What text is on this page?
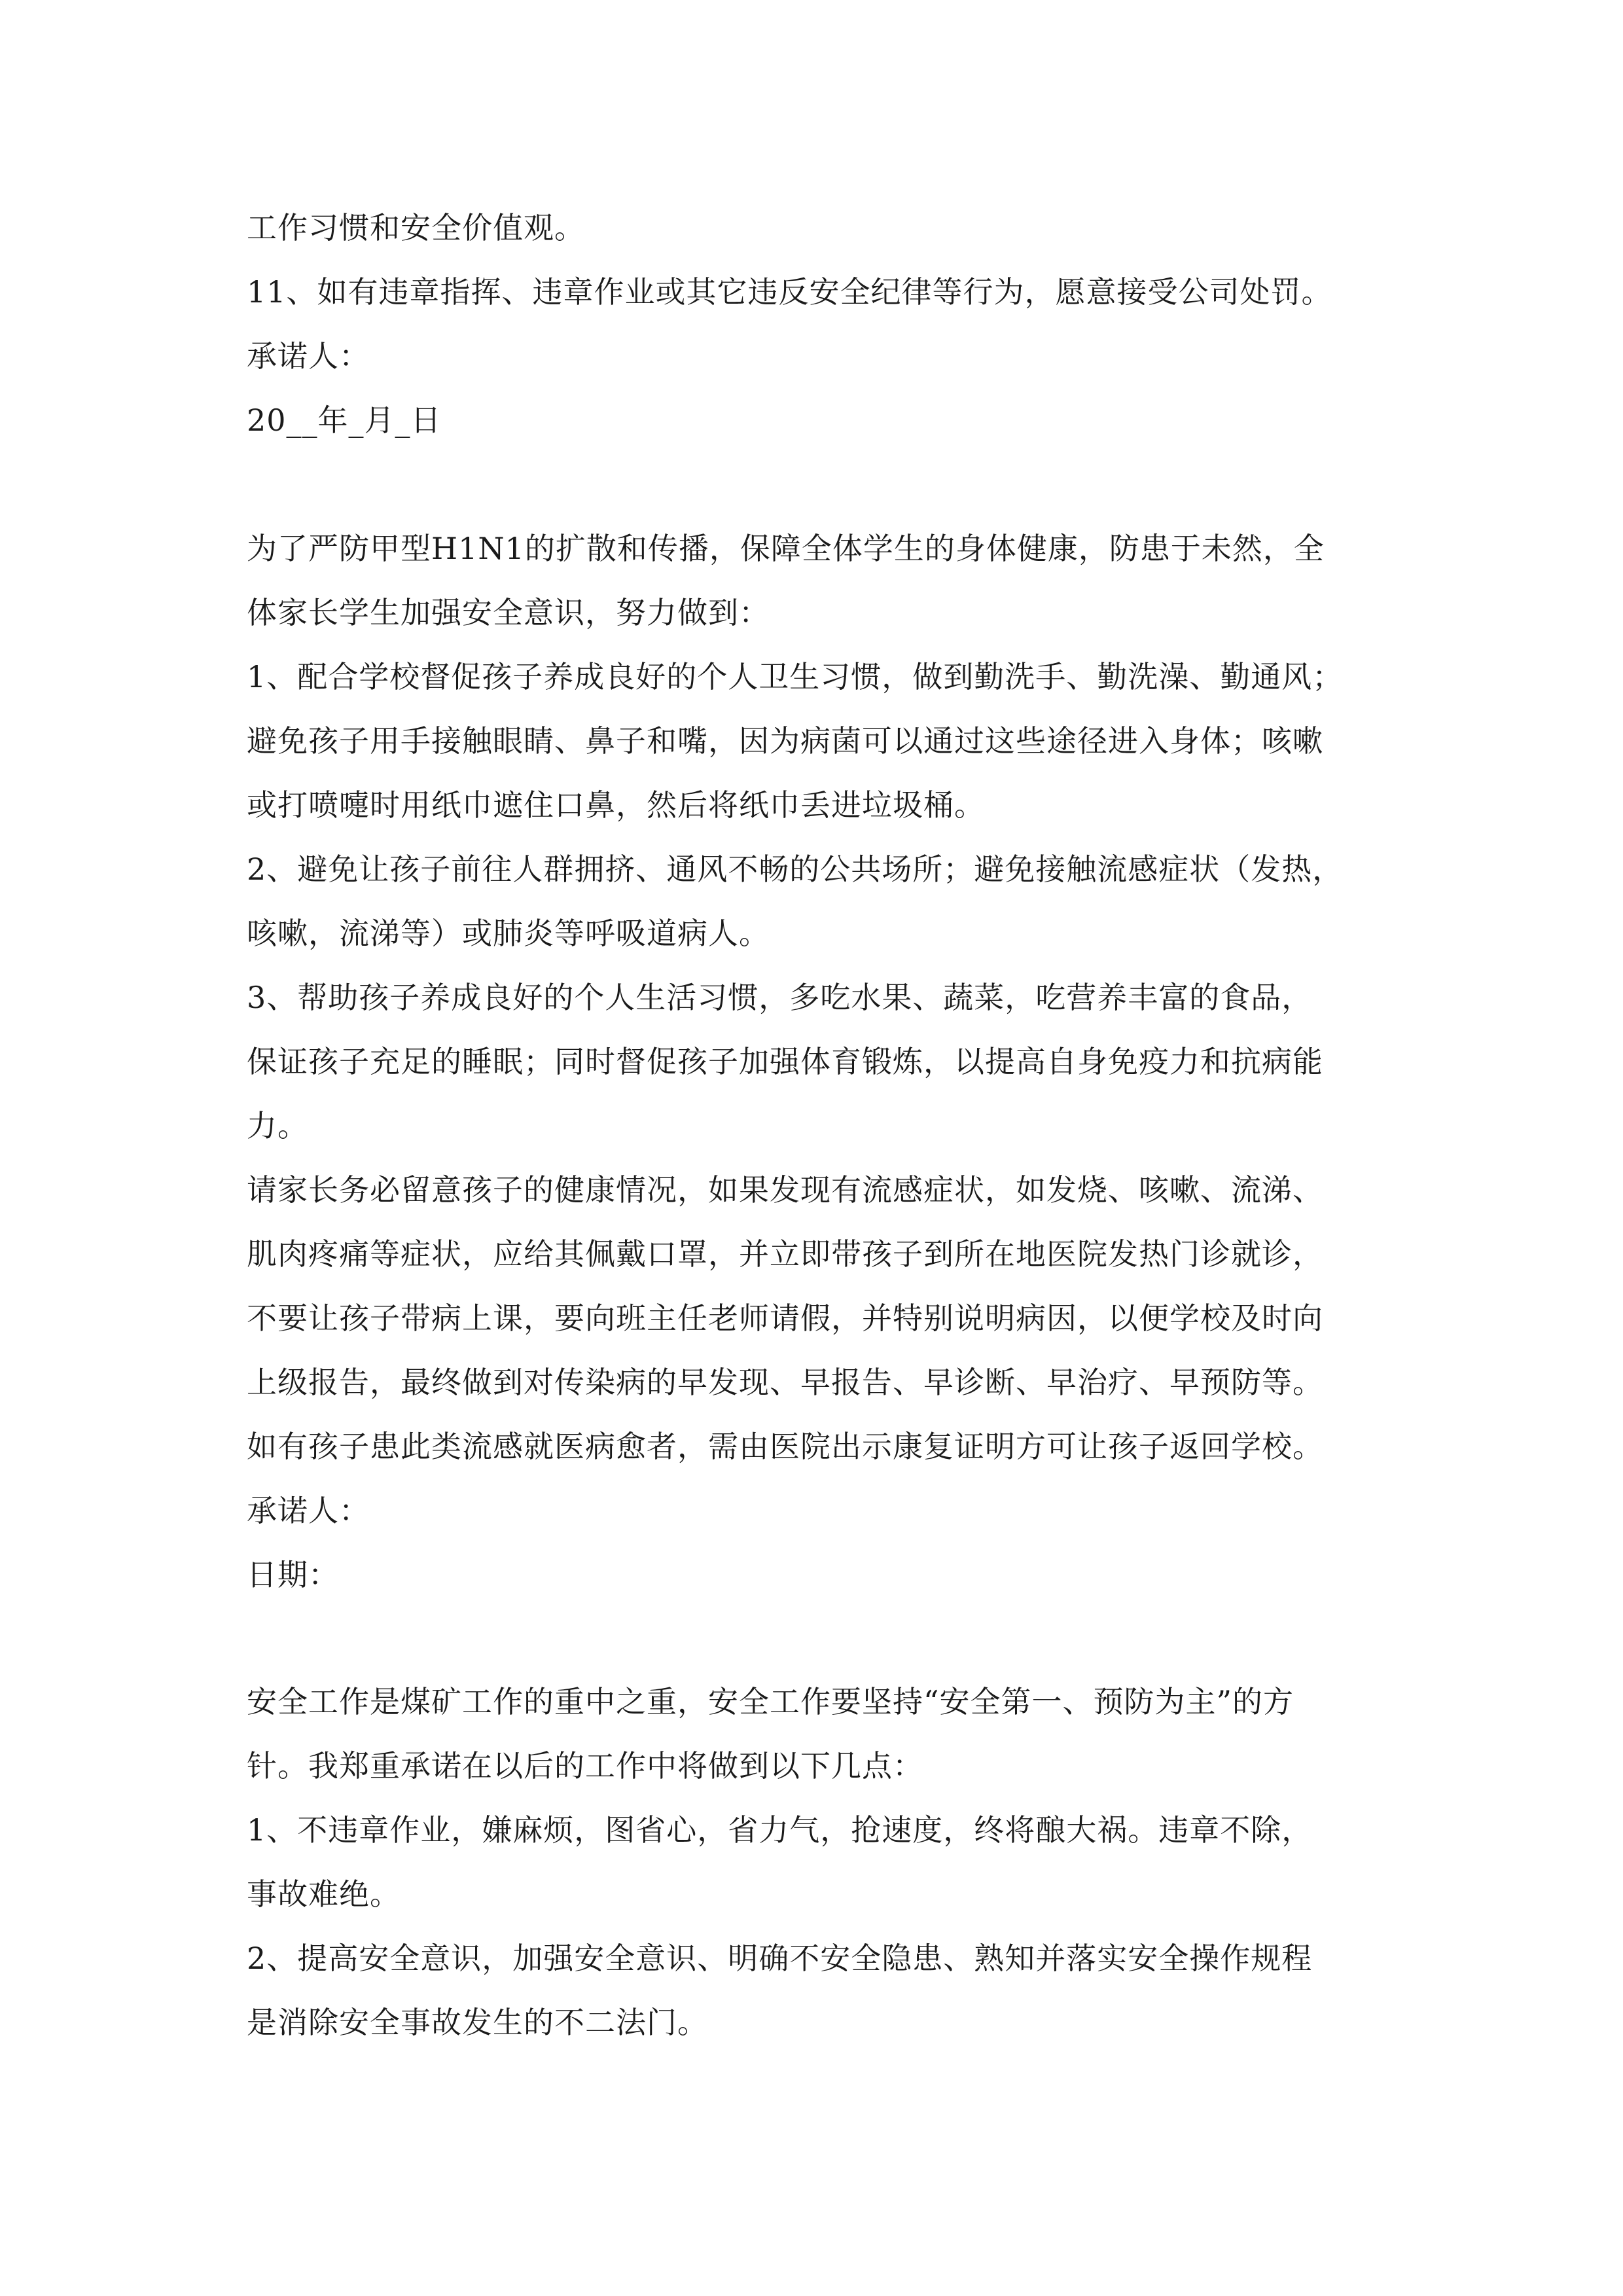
工作习惯和安全价值观。
11、如有违章指挥、违章作业或其它违反安全纪律等行为，愿意接受公司处罚。
承诺人：
20__年_月_日
为了严防甲型H1N1的扩散和传播，保障全体学生的身体健康，防患于未然，全
体家长学生加强安全意识，努力做到：
1、配合学校督促孩子养成良好的个人卫生习惯，做到勤洗手、勤洗澡、勤通风；
避免孩子用手接触眼睛、鼻子和嘴，因为病菌可以通过这些途径进入身体；咳嗽
或打喷嚏时用纸巾遮住口鼻，然后将纸巾丢进垃圾桶。
2、避免让孩子前往人群拥挤、通风不畅的公共场所；避免接触流感症状（发热，
咳嗽，流涕等）或肺炎等呼吸道病人。
3、帮助孩子养成良好的个人生活习惯，多吃水果、蔬菜，吃营养丰富的食品，
保证孩子充足的睡眠；同时督促孩子加强体育锻炼，以提高自身免疫力和抗病能
力。
请家长务必留意孩子的健康情况，如果发现有流感症状，如发烧、咳嗽、流涕、
肌肉疼痛等症状，应给其佩戴口罩，并立即带孩子到所在地医院发热门诊就诊，
不要让孩子带病上课，要向班主任老师请假，并特别说明病因，以便学校及时向
上级报告，最终做到对传染病的早发现、早报告、早诊断、早治疗、早预防等。
如有孩子患此类流感就医病愈者，需由医院出示康复证明方可让孩子返回学校。
承诺人：
日期：
安全工作是煤矿工作的重中之重，安全工作要坚持“安全第一、预防为主”的方
针。我郑重承诺在以后的工作中将做到以下几点：
1、不违章作业，嫌麻烦，图省心，省力气，抢速度，终将酿大祸。违章不除，
事故难绝。
2、提高安全意识，加强安全意识、明确不安全隐患、熟知并落实安全操作规程
是消除安全事故发生的不二法门。
